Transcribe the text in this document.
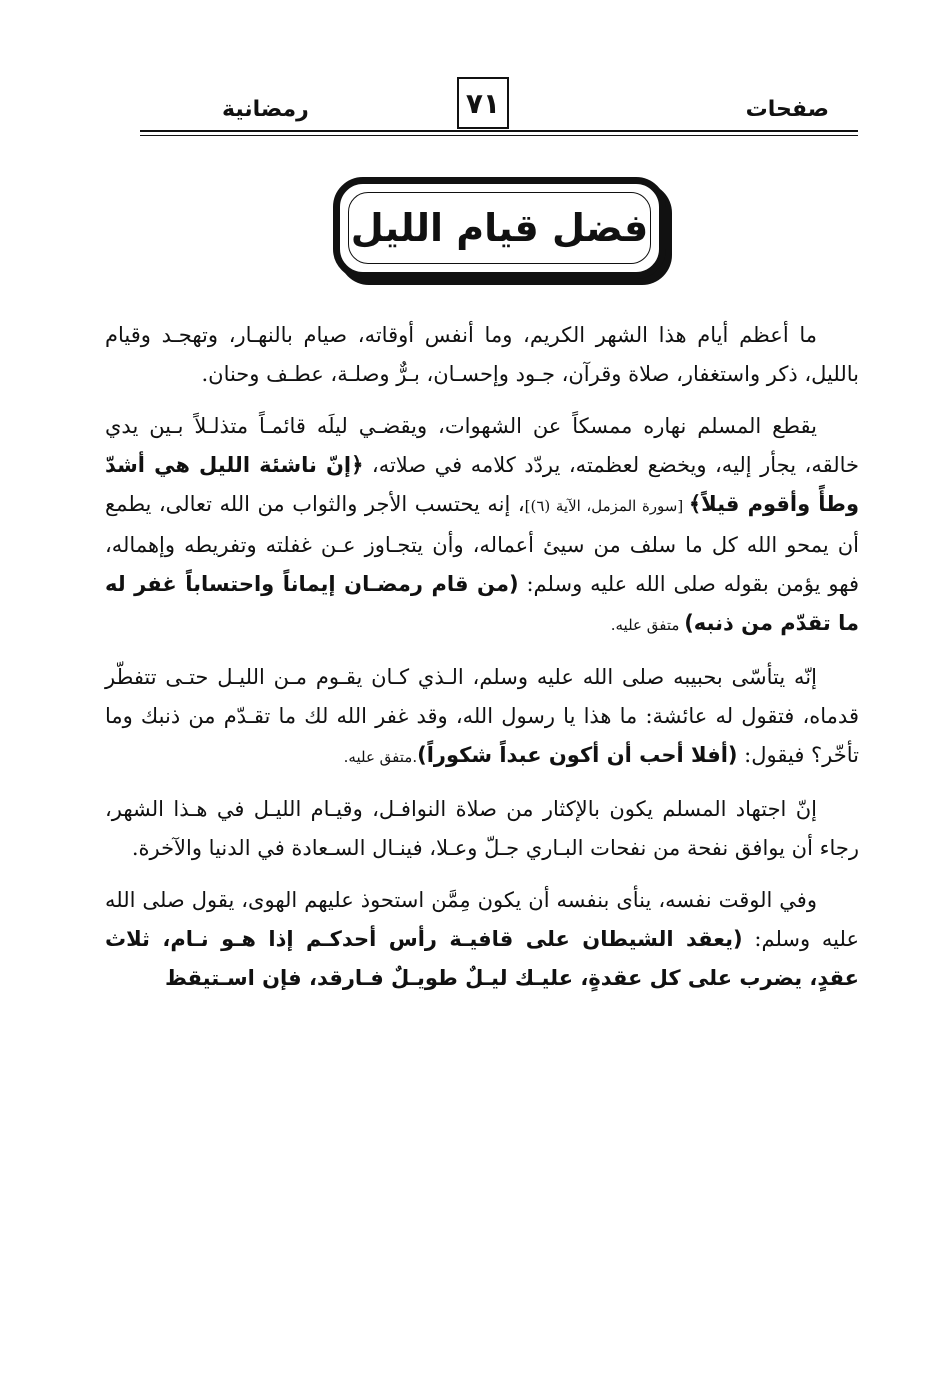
صفحات
٧١
رمضانية
فضل قيام الليل

ما أعظم أيام هذا الشهر الكريم، وما أنفس أوقاته، صيام بالنهـار، وتهجـد وقيام بالليل، ذكر واستغفار، صلاة وقرآن، جـود وإحسـان، بـرٌّ وصلـة، عطـف وحنان.

يقطع المسلم نهاره ممسكاً عن الشهوات، ويقضـي ليلَه قائمـاً متذلـلاً بـين يدي خالقه، يجأر إليه، ويخضع لعظمته، يردّد كلامه في صلاته، ﴿إنّ ناشئة الليل هي أشدّ وطأً وأقوم قيلاً﴾ [سورة المزمل، الآية (٦)]، إنه يحتسب الأجر والثواب من الله تعالى، يطمع أن يمحو الله كل ما سلف من سيئ أعماله، وأن يتجـاوز عـن غفلته وتفريطه وإهماله، فهو يؤمن بقوله صلى الله عليه وسلم: (من قام رمضـان إيماناً واحتساباً غفر له ما تقدّم من ذنبه) متفق عليه.

إنّه يتأسّى بحبيبه صلى الله عليه وسلم، الـذي كـان يقـوم مـن الليـل حتـى تتفطّر قدماه، فتقول له عائشة: ما هذا يا رسول الله، وقد غفر الله لك ما تقـدّم من ذنبك وما تأخّر؟ فيقول: (أفلا أحب أن أكون عبداً شكوراً).متفق عليه.

إنّ اجتهاد المسلم يكون بالإكثار من صلاة النوافـل، وقيـام الليـل في هـذا الشهر، رجاء أن يوافق نفحة من نفحات البـاري جـلّ وعـلا، فينـال السـعادة في الدنيا والآخرة.

وفي الوقت نفسه، ينأى بنفسه أن يكون مِمَّن استحوذ عليهم الهوى، يقول صلى الله عليه وسلم: (يعقد الشيطان على قافيـة رأس أحدكـم إذا هـو نـام، ثلاث عقدٍ، يضرب على كل عقدةٍ، عليـك ليـلٌ طويـلٌ فـارقد، فإن اسـتيقظ
